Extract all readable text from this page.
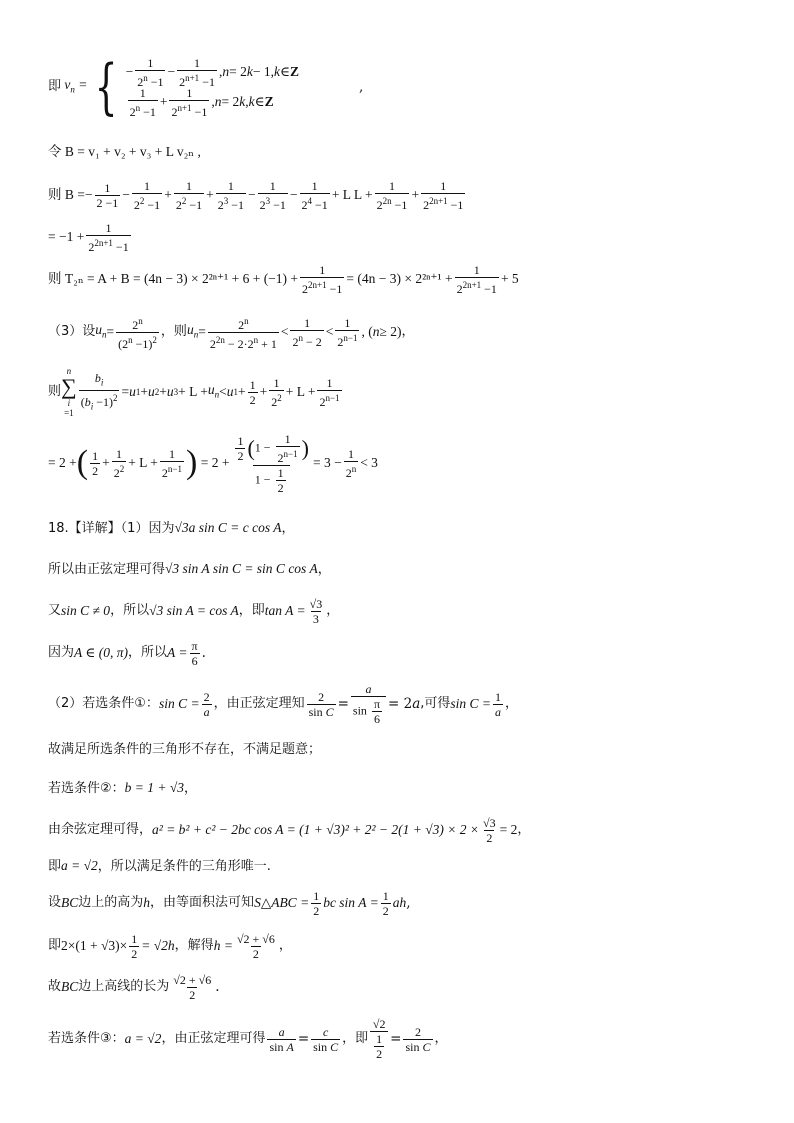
即 $v_n$ = { − $\frac{1}{2^n -1} - \frac{1}{2^{n+1} -1}$ , n = 2 k − 1, k ∈ Z
$\frac{1}{2^n -1} + \frac{1}{2^{n+1} -1}$ , n = 2 k , k ∈ Z
,
令 B = v₁ + v₂ + v₃ + L v₂ₙ ,
则 B = − $\frac{1}{2 -1} - \frac{1}{2^2 -1} + \frac{1}{2^2 -1} + \frac{1}{2^3 -1} - \frac{1}{2^3 -1} - \frac{1}{2^4 -1} + L$ $L + \frac{1}{2^{2n} -1} + \frac{1}{2^{2n+1} -1}$
= $-1 + \frac{1}{2^{2n+1} -1}$
则 $T_{2n} = A + B = (4n - 3) \times 2^{2n+1} + 6 + (-1) + \frac{1}{2^{2n+1} -1} = (4n - 3) \times 2^{2n+1} + \frac{1}{2^{2n+1} -1} + 5$
（3）设 $u_n = \frac{2^n}{(2^n -1)^2}$ ，则 $u_n = \frac{2^n}{2^{2n} - 2\cdot 2^n + 1} < \frac{1}{2^n - 2} < \frac{1}{2^{n-1}}$ , ( n ≥ 2) ，
则
n
∑
i
=1
$\frac{b_i}{(b_i -1)^2} = u$ 1 + u 2 + u $3 + L + u_n < u$ $1 + \frac{1}{2} + \frac{1}{2^2} + L + \frac{1}{2^{n-1}}$
= 2 + ( $\frac{1}{2} + \frac{1}{2^2} + L + \frac{1}{2^{n-1}}$ ) = $2 + \frac{\frac{1}{2} (1 - \frac{1}{2^{n-1}} )}{1 - \frac{1}{2}} = 3 - \frac{1}{2^n} < 3$
18.【详解】（1）因为√3a sin C = c cos A，
所以由正弦定理可得√3 sin A sin C = sin C cos A，
又 sin C ≠ 0 ，所以 √3 sin A = cos A ，即 $\tan A = \frac{√3}{3}$ ，
因为 A ∈ (0, π) ，所以 $A = \frac{\pi}{6}$ .
（2）若选条件①： $\sin C = \frac{2}{a}$ ，由正弦定理知 $\frac{2}{\text{sin C}} = \frac{a}{\sin \frac{\pi}{6}} = 2$ a ,可得 $\sin C = \frac{1}{a}$ ，
故满足所选条件的三角形不存在，不满足题意；
若选条件②：b = 1 + √3，
由余弦定理可得， a² = b² + c² − 2bc $\cos A = (1 + √3)^2 + 2^2 - 2(1 + √3) \times 2 \times \frac{√3}{2} = 2$ ，
即a = √2，所以满足条件的三角形唯一.
设 BC 边上的高为 h ，由等面积法可知 S△ABC = $\frac{1}{2}$ bc $\sin A = \frac{1}{2}$ ah ,
即 $2\times(1 + √3)\times \frac{1}{2} = √2h$ ，解得 $h = \frac{√2 + √6}{2}$ ，
故 BC 边上高线的长为 $\frac{√2 + √6}{2}$ .
若选条件③： a = √2 ，由正弦定理可得 $\frac{a}{\text{sin A}} = \frac{c}{\text{sin C}}$ ，即 $\frac{√2}{\frac{1}{2}} = \frac{2}{\text{sin C}}$ ，
